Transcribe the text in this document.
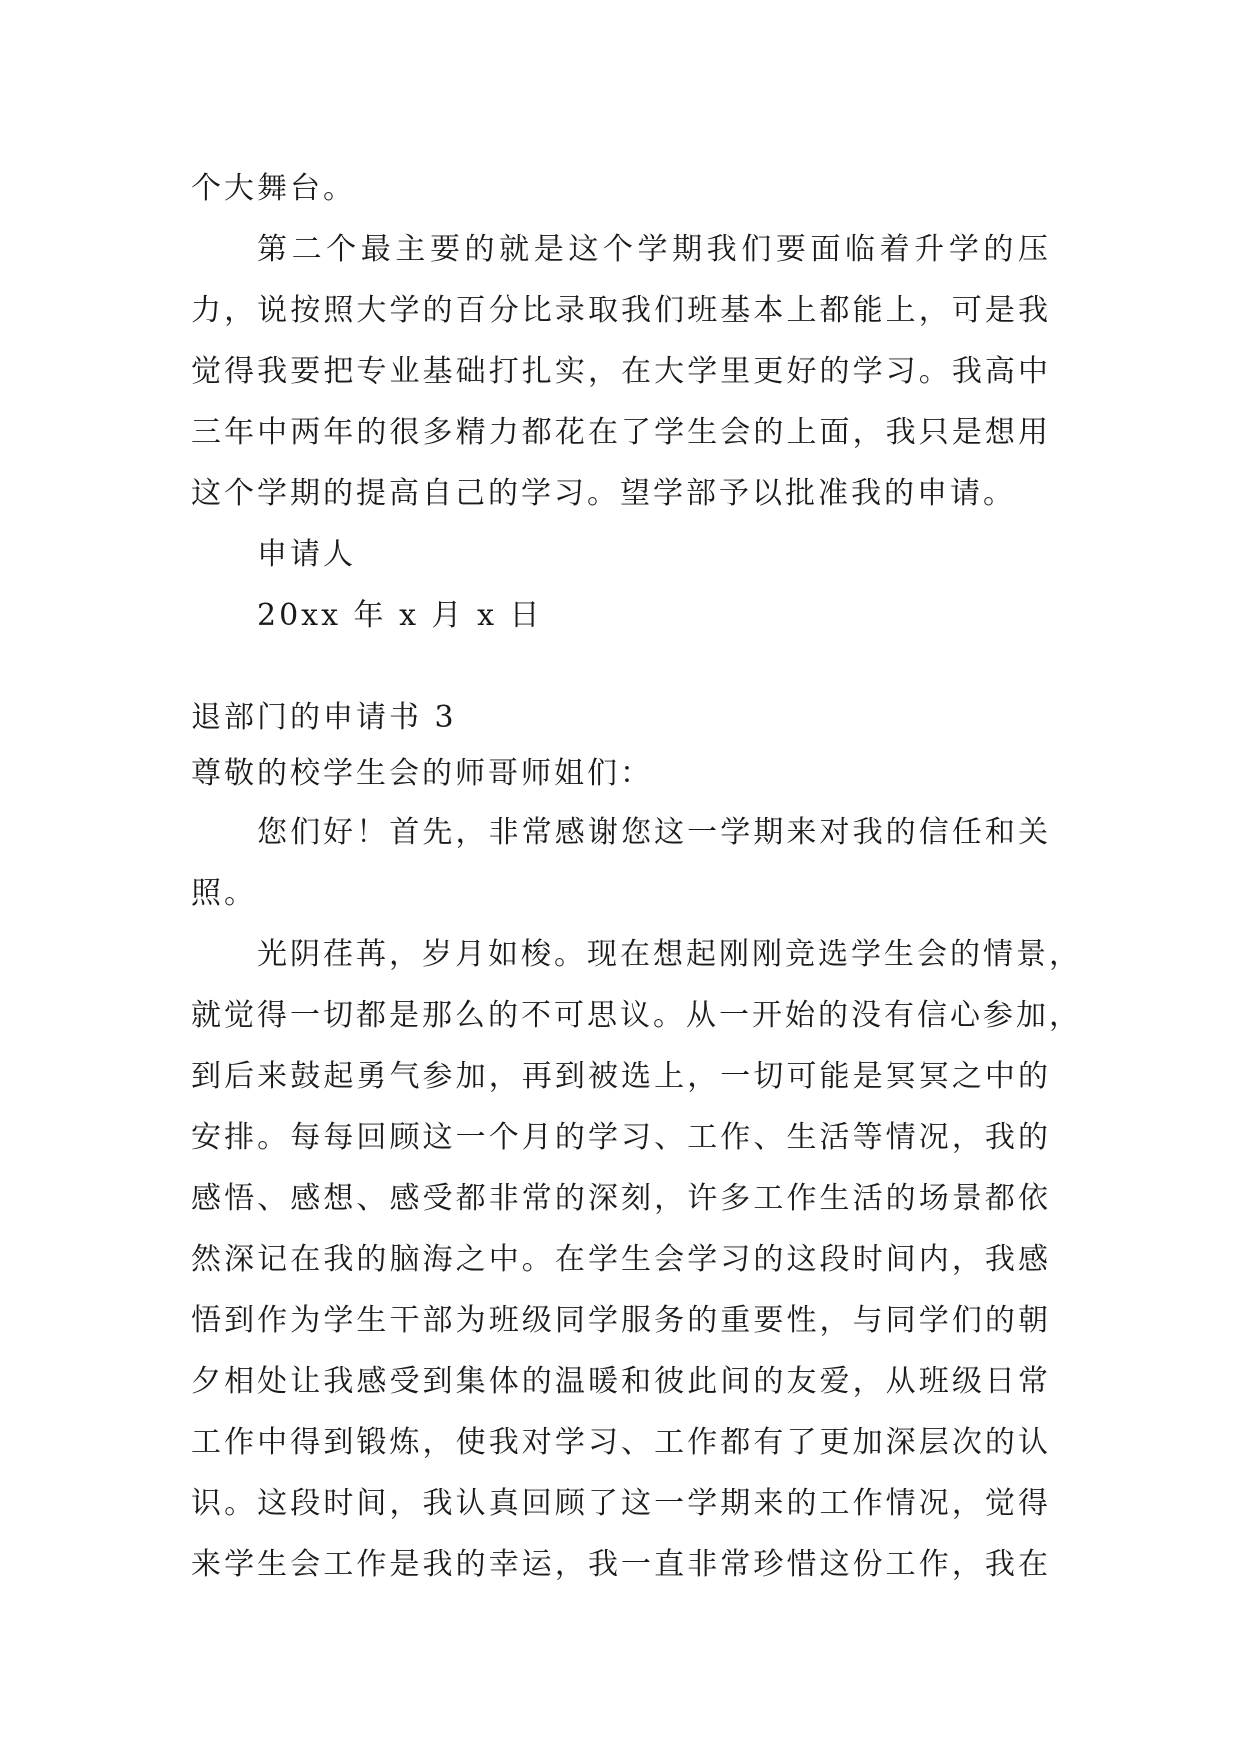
个大舞台。
第二个最主要的就是这个学期我们要面临着升学的压
力，说按照大学的百分比录取我们班基本上都能上，可是我
觉得我要把专业基础打扎实，在大学里更好的学习。我高中
三年中两年的很多精力都花在了学生会的上面，我只是想用
这个学期的提高自己的学习。望学部予以批准我的申请。
申请人
20xx 年 x 月 x 日
退部门的申请书 3
尊敬的校学生会的师哥师姐们：
您们好！首先，非常感谢您这一学期来对我的信任和关
照。
光阴荏苒，岁月如梭。现在想起刚刚竞选学生会的情景，
就觉得一切都是那么的不可思议。从一开始的没有信心参加，
到后来鼓起勇气参加，再到被选上，一切可能是冥冥之中的
安排。每每回顾这一个月的学习、工作、生活等情况，我的
感悟、感想、感受都非常的深刻，许多工作生活的场景都依
然深记在我的脑海之中。在学生会学习的这段时间内，我感
悟到作为学生干部为班级同学服务的重要性，与同学们的朝
夕相处让我感受到集体的温暖和彼此间的友爱，从班级日常
工作中得到锻炼，使我对学习、工作都有了更加深层次的认
识。这段时间，我认真回顾了这一学期来的工作情况，觉得
来学生会工作是我的幸运，我一直非常珍惜这份工作，我在
